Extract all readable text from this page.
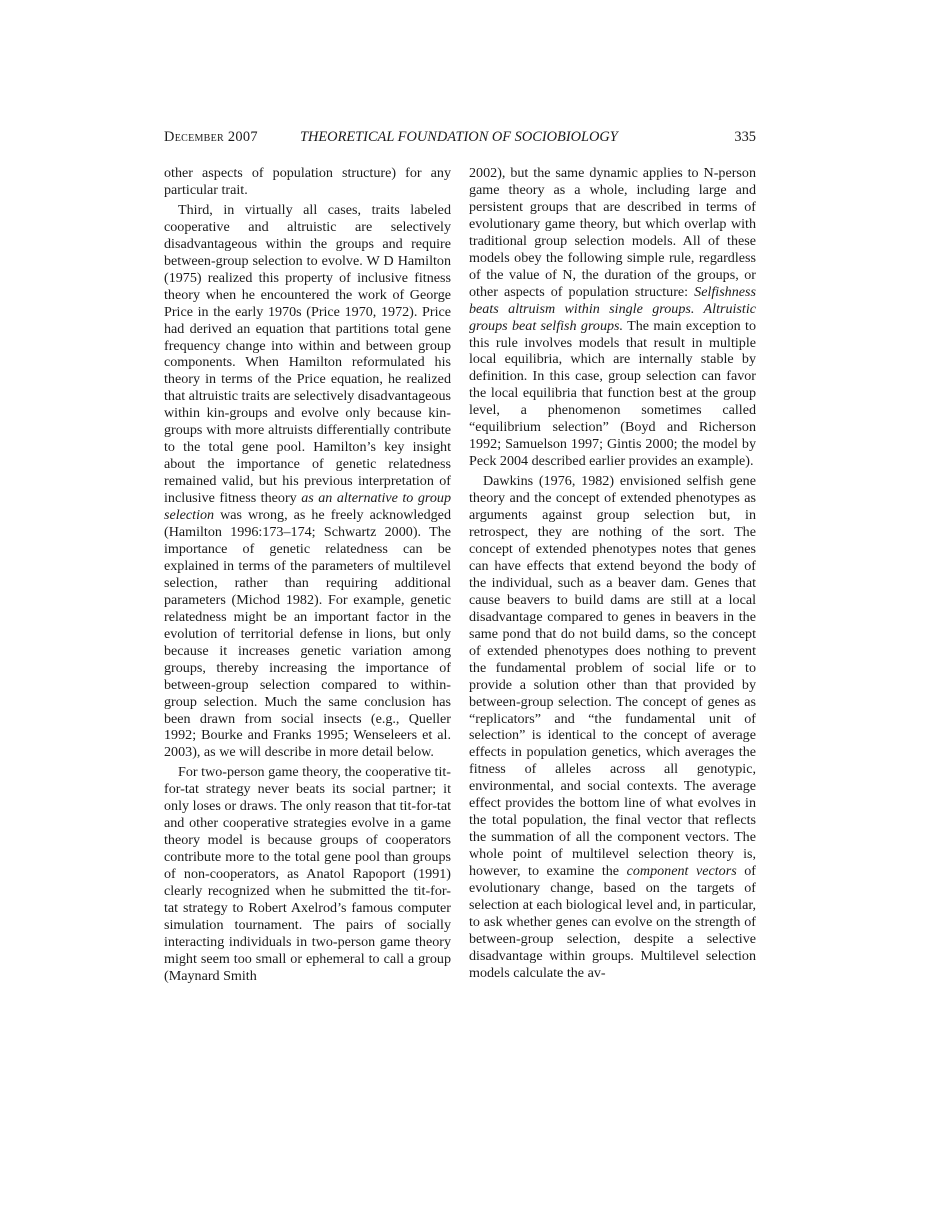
December 2007	THEORETICAL FOUNDATION OF SOCIOBIOLOGY	335

other aspects of population structure) for any particular trait.

Third, in virtually all cases, traits labeled cooperative and altruistic are selectively disadvantageous within the groups and require between-group selection to evolve. W D Hamilton (1975) realized this property of inclusive fitness theory when he encountered the work of George Price in the early 1970s (Price 1970, 1972). Price had derived an equation that partitions total gene frequency change into within and between group components. When Hamilton reformulated his theory in terms of the Price equation, he realized that altruistic traits are selectively disadvantageous within kin-groups and evolve only because kin-groups with more altruists differentially contribute to the total gene pool. Hamilton’s key insight about the importance of genetic relatedness remained valid, but his previous interpretation of inclusive fitness theory as an alternative to group selection was wrong, as he freely acknowledged (Hamilton 1996:173–174; Schwartz 2000). The importance of genetic relatedness can be explained in terms of the parameters of multilevel selection, rather than requiring additional parameters (Michod 1982). For example, genetic relatedness might be an important factor in the evolution of territorial defense in lions, but only because it increases genetic variation among groups, thereby increasing the importance of between-group selection compared to within-group selection. Much the same conclusion has been drawn from social insects (e.g., Queller 1992; Bourke and Franks 1995; Wenseleers et al. 2003), as we will describe in more detail below.

For two-person game theory, the cooperative tit-for-tat strategy never beats its social partner; it only loses or draws. The only reason that tit-for-tat and other cooperative strategies evolve in a game theory model is because groups of cooperators contribute more to the total gene pool than groups of non-cooperators, as Anatol Rapoport (1991) clearly recognized when he submitted the tit-for-tat strategy to Robert Axelrod’s famous computer simulation tournament. The pairs of socially interacting individuals in two-person game theory might seem too small or ephemeral to call a group (Maynard Smith

2002), but the same dynamic applies to N-person game theory as a whole, including large and persistent groups that are described in terms of evolutionary game theory, but which overlap with traditional group selection models. All of these models obey the following simple rule, regardless of the value of N, the duration of the groups, or other aspects of population structure: Selfishness beats altruism within single groups. Altruistic groups beat selfish groups. The main exception to this rule involves models that result in multiple local equilibria, which are internally stable by definition. In this case, group selection can favor the local equilibria that function best at the group level, a phenomenon sometimes called “equilibrium selection” (Boyd and Richerson 1992; Samuelson 1997; Gintis 2000; the model by Peck 2004 described earlier provides an example).

Dawkins (1976, 1982) envisioned selfish gene theory and the concept of extended phenotypes as arguments against group selection but, in retrospect, they are nothing of the sort. The concept of extended phenotypes notes that genes can have effects that extend beyond the body of the individual, such as a beaver dam. Genes that cause beavers to build dams are still at a local disadvantage compared to genes in beavers in the same pond that do not build dams, so the concept of extended phenotypes does nothing to prevent the fundamental problem of social life or to provide a solution other than that provided by between-group selection. The concept of genes as “replicators” and “the fundamental unit of selection” is identical to the concept of average effects in population genetics, which averages the fitness of alleles across all genotypic, environmental, and social contexts. The average effect provides the bottom line of what evolves in the total population, the final vector that reflects the summation of all the component vectors. The whole point of multilevel selection theory is, however, to examine the component vectors of evolutionary change, based on the targets of selection at each biological level and, in particular, to ask whether genes can evolve on the strength of between-group selection, despite a selective disadvantage within groups. Multilevel selection models calculate the av-
